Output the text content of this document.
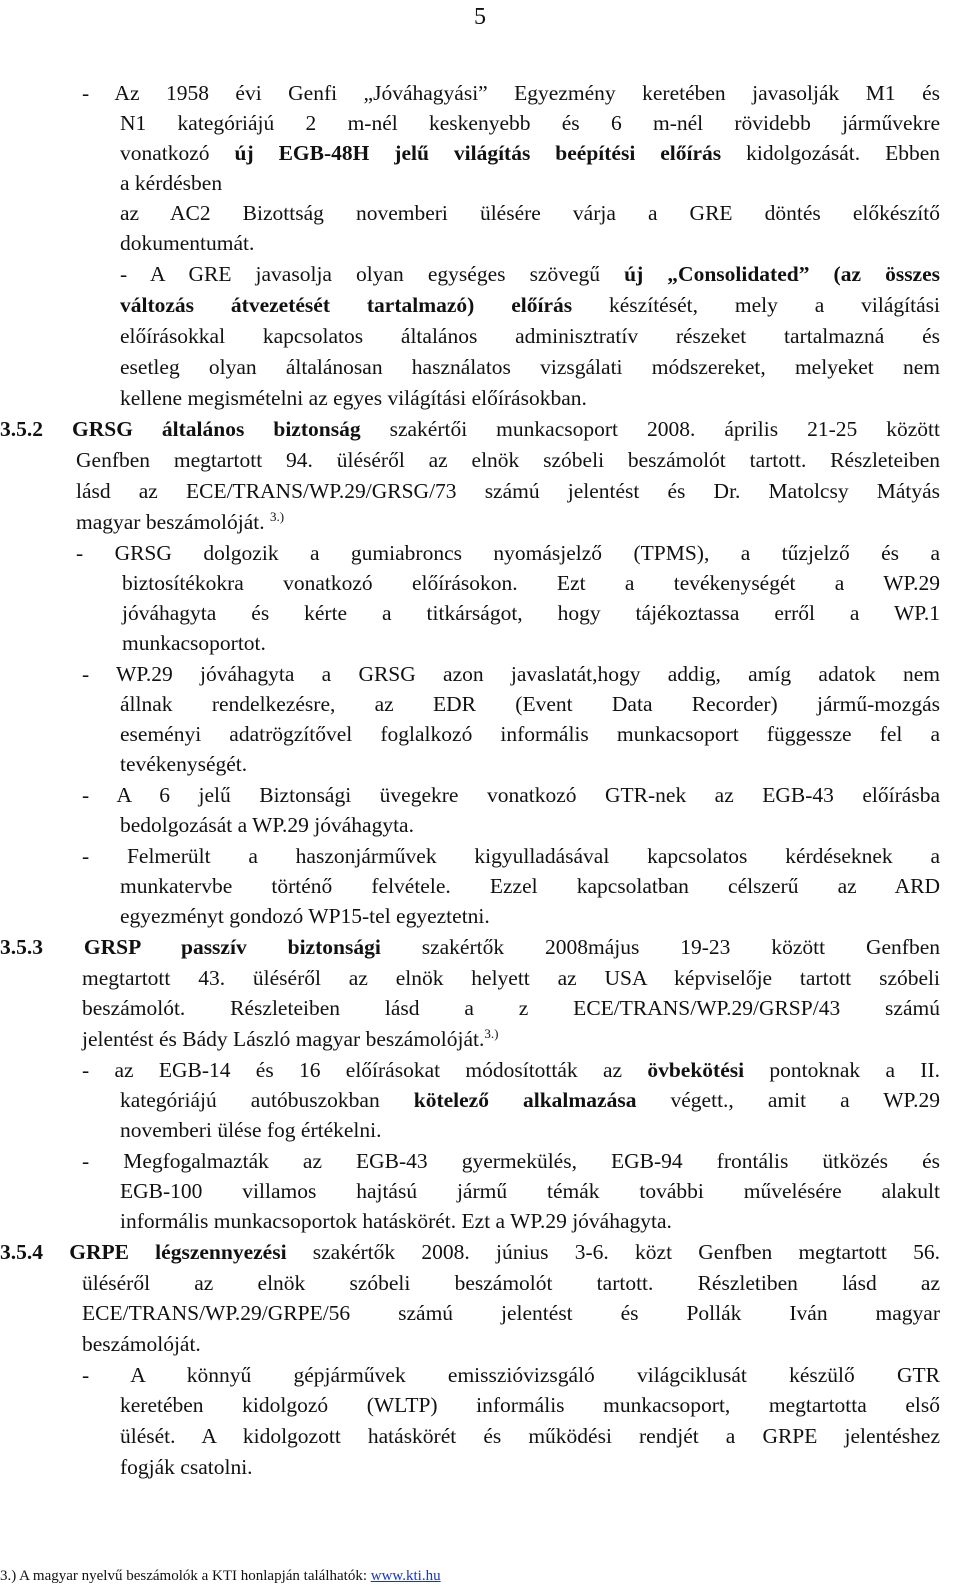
5
- Az 1958 évi Genfi „Jóváhagyási” Egyezmény keretében javasolják M1 és
N1 kategóriájú 2 m-nél keskenyebb és 6 m-nél rövidebb járművekre
vonatkozó új EGB-48H jelű világítás beépítési előírás kidolgozását. Ebben
a kérdésben
az AC2 Bizottság novemberi ülésére várja a GRE döntés előkészítő
dokumentumát.
- A GRE javasolja olyan egységes szövegű új „Consolidated” (az összes
változás átvezetését tartalmazó) előírás készítését, mely a világítási
előírásokkal kapcsolatos általános adminisztratív részeket tartalmazná és
esetleg olyan általánosan használatos vizsgálati módszereket, melyeket nem
kellene megismételni az egyes világítási előírásokban.
3.5.2 GRSG általános biztonság szakértői munkacsoport 2008. április 21-25 között
Genfben megtartott 94. üléséről az elnök szóbeli beszámolót tartott. Részleteiben
lásd az ECE/TRANS/WP.29/GRSG/73 számú jelentést és Dr. Matolcsy Mátyás
magyar beszámolóját. $^{3.)}$
- GRSG dolgozik a gumiabroncs nyomásjelző (TPMS), a tűzjelző és a
biztosítékokra vonatkozó előírásokon. Ezt a tevékenységét a WP.29
jóváhagyta és kérte a titkárságot, hogy tájékoztassa erről a WP.1
munkacsoportot.
- WP.29 jóváhagyta a GRSG azon javaslatát,hogy addig, amíg adatok nem
állnak rendelkezésre, az EDR (Event Data Recorder) jármű-mozgás
eseményi adatrögzítővel foglalkozó informális munkacsoport függessze fel a
tevékenységét.
- A 6 jelű Biztonsági üvegekre vonatkozó GTR-nek az EGB-43 előírásba
bedolgozását a WP.29 jóváhagyta.
- Felmerült a haszonjárművek kigyulladásával kapcsolatos kérdéseknek a
munkatervbe történő felvétele. Ezzel kapcsolatban célszerű az ARD
egyezményt gondozó WP15-tel egyeztetni.
3.5.3 GRSP passzív biztonsági szakértők 2008május 19-23 között Genfben
megtartott 43. üléséről az elnök helyett az USA képviselője tartott szóbeli
beszámolót. Részleteiben lásd a z ECE/TRANS/WP.29/GRSP/43 számú
jelentést és Bády László magyar beszámolóját.$^{3.)}$
- az EGB-14 és 16 előírásokat módosították az övbekötési pontoknak a II.
kategóriájú autóbuszokban kötelező alkalmazása végett., amit a WP.29
novemberi ülése fog értékelni.
- Megfogalmazták az EGB-43 gyermekülés, EGB-94 frontális ütközés és
EGB-100 villamos hajtású jármű témák további művelésére alakult
informális munkacsoportok hatáskörét. Ezt a WP.29 jóváhagyta.
3.5.4 GRPE légszennyezési szakértők 2008. június 3-6. közt Genfben megtartott 56.
üléséről az elnök szóbeli beszámolót tartott. Részletiben lásd az
ECE/TRANS/WP.29/GRPE/56 számú jelentést és Pollák Iván magyar
beszámolóját.
- A könnyű gépjárművek emisszióvizsgáló világciklusát készülő GTR
keretében kidolgozó (WLTP) informális munkacsoport, megtartotta első
ülését. A kidolgozott hatáskörét és működési rendjét a GRPE jelentéshez
fogják csatolni.
3.) A magyar nyelvű beszámolók a KTI honlapján találhatók: www.kti.hu
